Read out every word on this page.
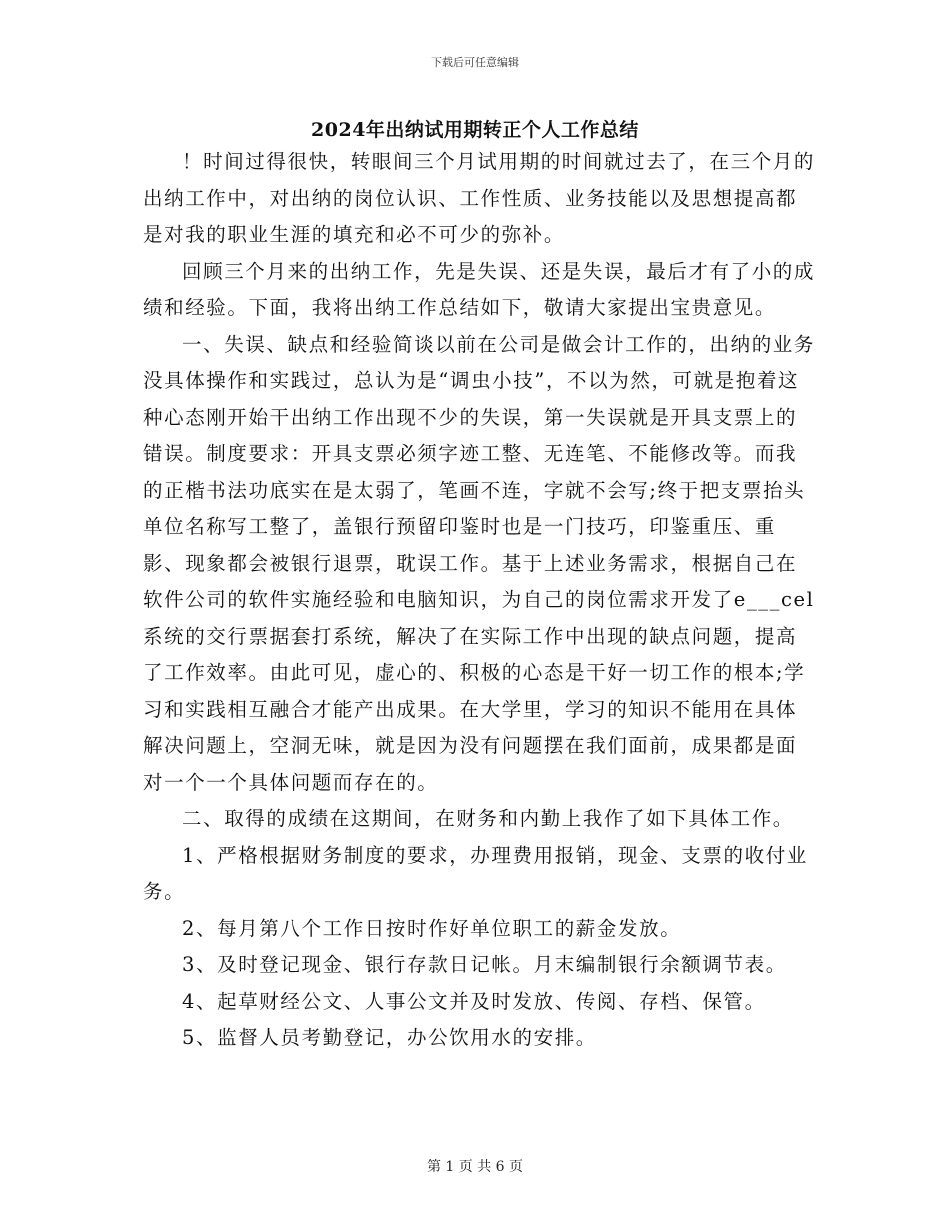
下载后可任意编辑
2024年出纳试用期转正个人工作总结

！时间过得很快，转眼间三个月试用期的时间就过去了，在三个月的出纳工作中，对出纳的岗位认识、工作性质、业务技能以及思想提高都是对我的职业生涯的填充和必不可少的弥补。

回顾三个月来的出纳工作，先是失误、还是失误，最后才有了小的成绩和经验。下面，我将出纳工作总结如下，敬请大家提出宝贵意见。

一、失误、缺点和经验简谈以前在公司是做会计工作的，出纳的业务没具体操作和实践过，总认为是“调虫小技”，不以为然，可就是抱着这种心态刚开始干出纳工作出现不少的失误，第一失误就是开具支票上的错误。制度要求：开具支票必须字迹工整、无连笔、不能修改等。而我的正楷书法功底实在是太弱了，笔画不连，字就不会写;终于把支票抬头单位名称写工整了，盖银行预留印鉴时也是一门技巧，印鉴重压、重影、现象都会被银行退票，耽误工作。基于上述业务需求，根据自己在软件公司的软件实施经验和电脑知识，为自己的岗位需求开发了e___cel系统的交行票据套打系统，解决了在实际工作中出现的缺点问题，提高了工作效率。由此可见，虚心的、积极的心态是干好一切工作的根本;学习和实践相互融合才能产出成果。在大学里，学习的知识不能用在具体解决问题上，空洞无味，就是因为没有问题摆在我们面前，成果都是面对一个一个具体问题而存在的。

二、取得的成绩在这期间，在财务和内勤上我作了如下具体工作。

1、严格根据财务制度的要求，办理费用报销，现金、支票的收付业务。

2、每月第八个工作日按时作好单位职工的薪金发放。

3、及时登记现金、银行存款日记帐。月末编制银行余额调节表。

4、起草财经公文、人事公文并及时发放、传阅、存档、保管。

5、监督人员考勤登记，办公饮用水的安排。

第 1 页 共 6 页
